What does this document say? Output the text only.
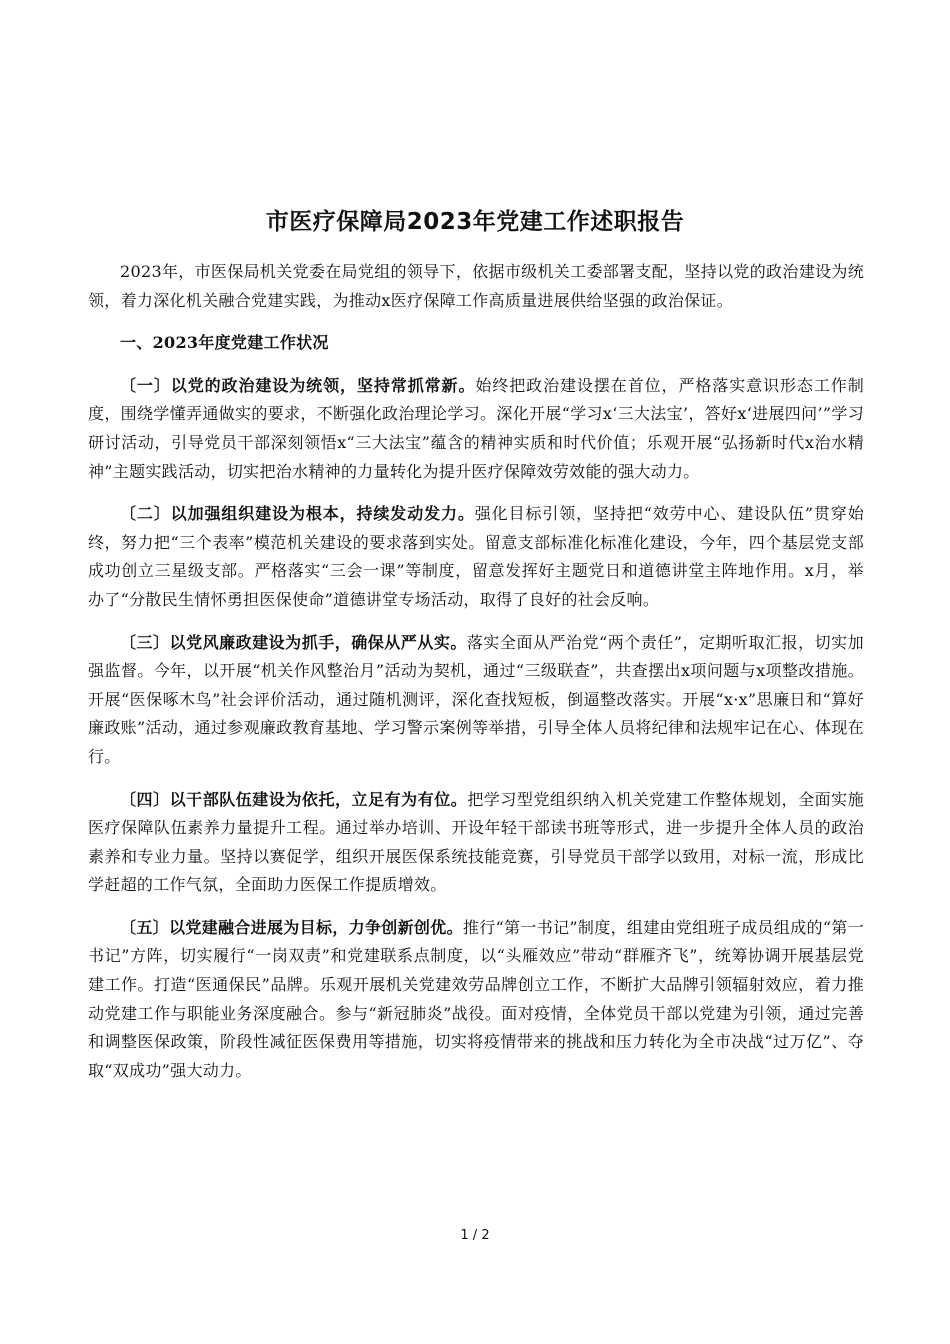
市医疗保障局2023年党建工作述职报告

2023年，市医保局机关党委在局党组的领导下，依据市级机关工委部署支配，坚持以党的政治建设为统领，着力深化机关融合党建实践，为推动x医疗保障工作高质量进展供给坚强的政治保证。

一、2023年度党建工作状况

〔一〕以党的政治建设为统领，坚持常抓常新。始终把政治建设摆在首位，严格落实意识形态工作制度，围绕学懂弄通做实的要求，不断强化政治理论学习。深化开展“学习x‘三大法宝’，答好x‘进展四问’”学习研讨活动，引导党员干部深刻领悟x“三大法宝”蕴含的精神实质和时代价值；乐观开展“弘扬新时代x治水精神”主题实践活动，切实把治水精神的力量转化为提升医疗保障效劳效能的强大动力。

〔二〕以加强组织建设为根本，持续发动发力。强化目标引领，坚持把“效劳中心、建设队伍”贯穿始终，努力把“三个表率”模范机关建设的要求落到实处。留意支部标准化标准化建设，今年，四个基层党支部成功创立三星级支部。严格落实“三会一课”等制度，留意发挥好主题党日和道德讲堂主阵地作用。x月，举办了“分散民生情怀勇担医保使命”道德讲堂专场活动，取得了良好的社会反响。

〔三〕以党风廉政建设为抓手，确保从严从实。落实全面从严治党“两个责任”，定期听取汇报，切实加强监督。今年，以开展“机关作风整治月”活动为契机，通过“三级联查”，共查摆出x项问题与x项整改措施。开展“医保啄木鸟”社会评价活动，通过随机测评，深化查找短板，倒逼整改落实。开展“x·x”思廉日和“算好廉政账”活动，通过参观廉政教育基地、学习警示案例等举措，引导全体人员将纪律和法规牢记在心、体现在行。

〔四〕以干部队伍建设为依托，立足有为有位。把学习型党组织纳入机关党建工作整体规划，全面实施医疗保障队伍素养力量提升工程。通过举办培训、开设年轻干部读书班等形式，进一步提升全体人员的政治素养和专业力量。坚持以赛促学，组织开展医保系统技能竞赛，引导党员干部学以致用，对标一流，形成比学赶超的工作气氛，全面助力医保工作提质增效。

〔五〕以党建融合进展为目标，力争创新创优。推行“第一书记”制度，组建由党组班子成员组成的“第一书记”方阵，切实履行“一岗双责”和党建联系点制度，以“头雁效应”带动“群雁齐飞”，统筹协调开展基层党建工作。打造“医通保民”品牌。乐观开展机关党建效劳品牌创立工作，不断扩大品牌引领辐射效应，着力推动党建工作与职能业务深度融合。参与“新冠肺炎”战役。面对疫情，全体党员干部以党建为引领，通过完善和调整医保政策，阶段性减征医保费用等措施，切实将疫情带来的挑战和压力转化为全市决战“过万亿”、夺取“双成功”强大动力。

1 / 2
